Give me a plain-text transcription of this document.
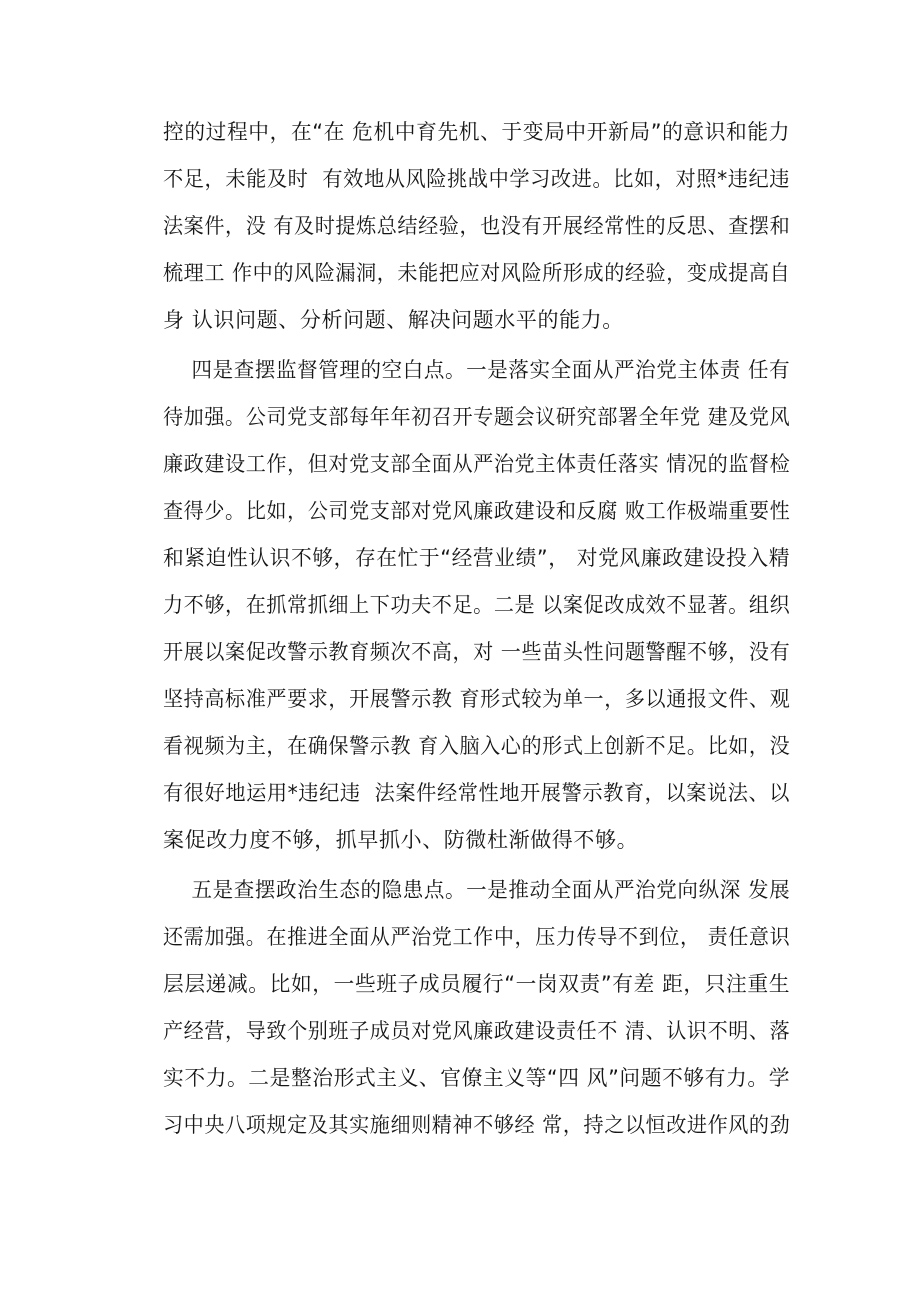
控的过程中，在“在 危机中育先机、于变局中开新局”的意识和能力
不足，未能及时  有效地从风险挑战中学习改进。比如，对照*违纪违
法案件，没 有及时提炼总结经验，也没有开展经常性的反思、查摆和
梳理工 作中的风险漏洞，未能把应对风险所形成的经验，变成提高自
身 认识问题、分析问题、解决问题水平的能力。
四是查摆监督管理的空白点。一是落实全面从严治党主体责 任有
待加强。公司党支部每年年初召开专题会议研究部署全年党 建及党风
廉政建设工作，但对党支部全面从严治党主体责任落实 情况的监督检
查得少。比如，公司党支部对党风廉政建设和反腐 败工作极端重要性
和紧迫性认识不够，存在忙于“经营业绩”， 对党风廉政建设投入精
力不够，在抓常抓细上下功夫不足。二是 以案促改成效不显著。组织
开展以案促改警示教育频次不高，对 一些苗头性问题警醒不够，没有
坚持高标准严要求，开展警示教 育形式较为单一，多以通报文件、观
看视频为主，在确保警示教 育入脑入心的形式上创新不足。比如，没
有很好地运用*违纪违  法案件经常性地开展警示教育，以案说法、以
案促改力度不够，抓早抓小、防微杜渐做得不够。
五是查摆政治生态的隐患点。一是推动全面从严治党向纵深 发展
还需加强。在推进全面从严治党工作中，压力传导不到位， 责任意识
层层递减。比如，一些班子成员履行“一岗双责”有差 距，只注重生
产经营，导致个别班子成员对党风廉政建设责任不 清、认识不明、落
实不力。二是整治形式主义、官僚主义等“四 风”问题不够有力。学
习中央八项规定及其实施细则精神不够经 常，持之以恒改进作风的劲
